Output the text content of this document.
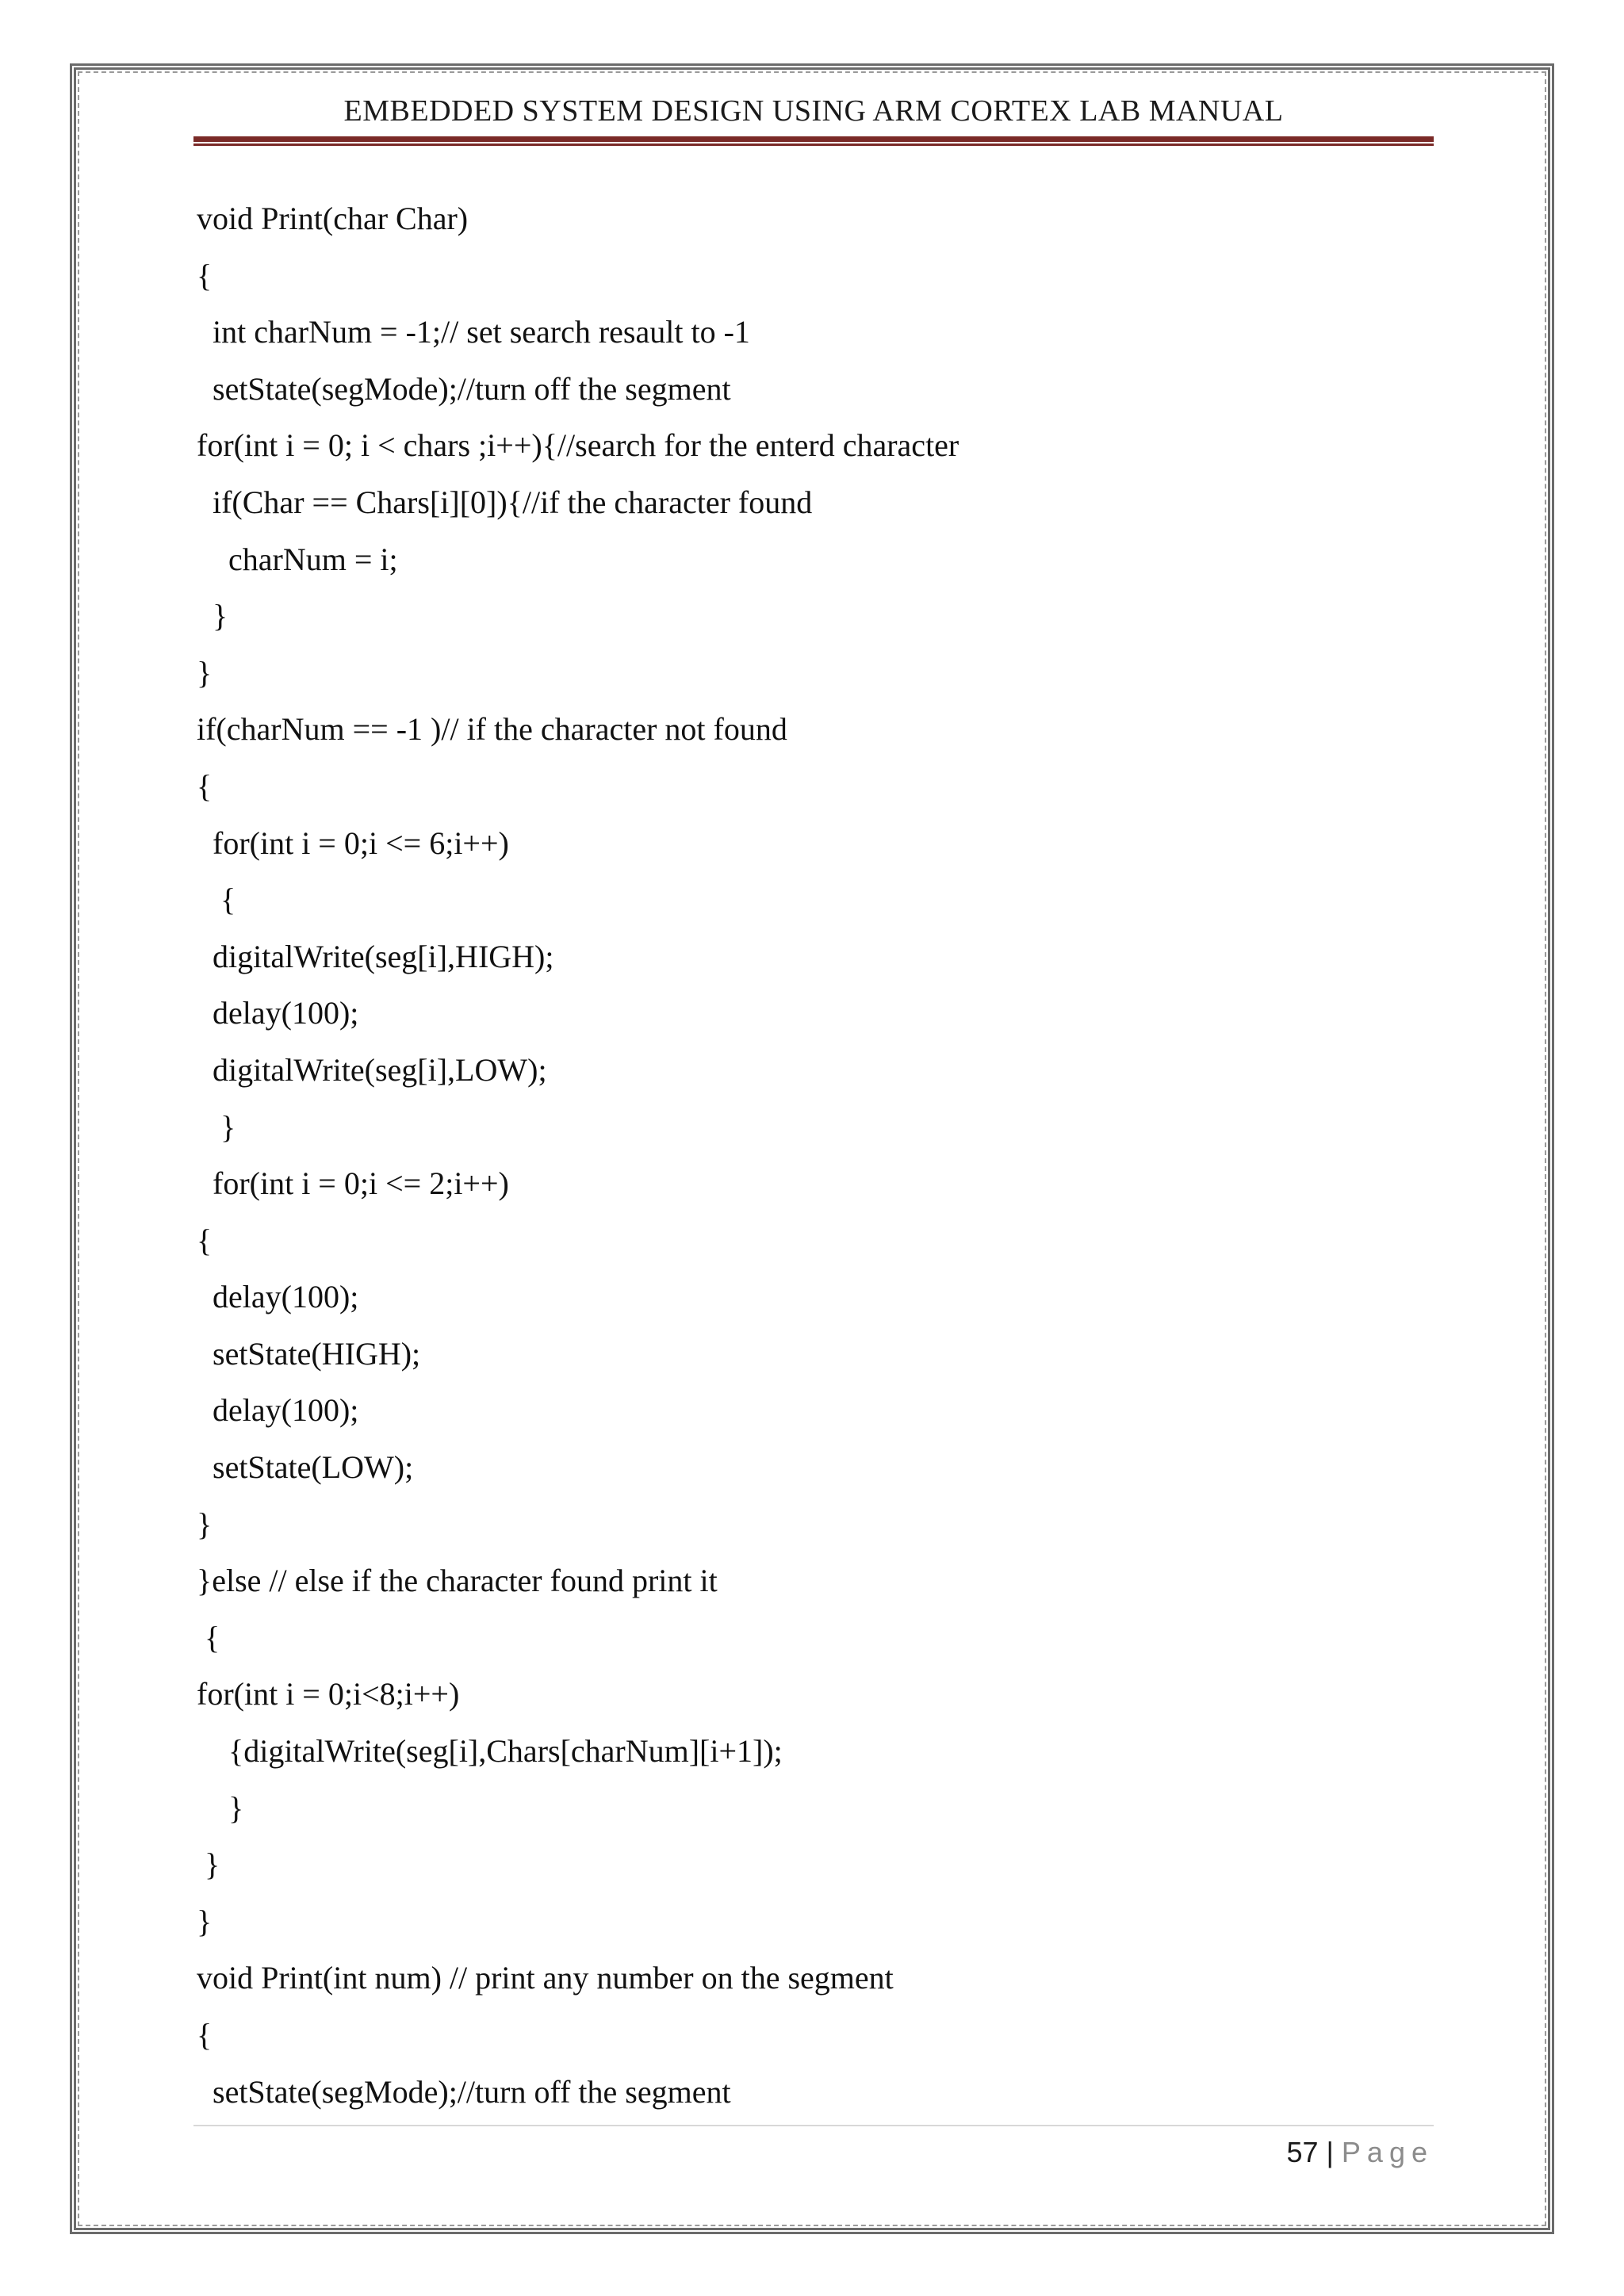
EMBEDDED SYSTEM DESIGN USING ARM CORTEX LAB MANUAL
void Print(char Char)
{
int charNum = -1;// set search resault to -1
setState(segMode);//turn off the segment
for(int i = 0; i < chars ;i++){//search for the enterd character
if(Char == Chars[i][0]){//if the character found
charNum = i;
}
}
if(charNum == -1 )// if the character not found
{
for(int i = 0;i <= 6;i++)
{
digitalWrite(seg[i],HIGH);
delay(100);
digitalWrite(seg[i],LOW);
}
for(int i = 0;i <= 2;i++)
{
delay(100);
setState(HIGH);
delay(100);
setState(LOW);
}
}else // else if the character found print it
{
for(int i = 0;i<8;i++)
{digitalWrite(seg[i],Chars[charNum][i+1]);
}
}
}
void Print(int num) // print any number on the segment
{
setState(segMode);//turn off the segment
57 | Page
